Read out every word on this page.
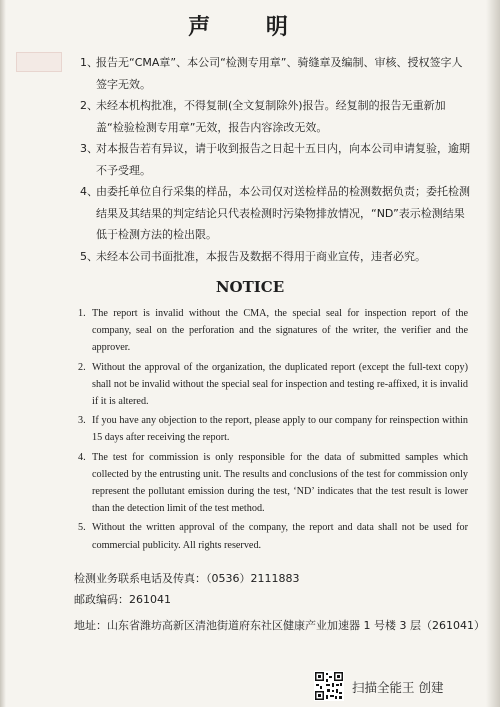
声 明
1、
报告无“CMA章”、本公司“检测专用章”、骑缝章及编制、审核、授权签字人签字无效。
2、
未经本机构批准，不得复制(全文复制除外)报告。经复制的报告无重新加盖“检验检测专用章”无效，报告内容涂改无效。
3、
对本报告若有异议，请于收到报告之日起十五日内，向本公司申请复验，逾期不予受理。
4、
由委托单位自行采集的样品，本公司仅对送检样品的检测数据负责；委托检测结果及其结果的判定结论只代表检测时污染物排放情况，“ND”表示检测结果低于检测方法的检出限。
5、
未经本公司书面批准，本报告及数据不得用于商业宣传，违者必究。
NOTICE
1. The report is invalid without the CMA, the special seal for inspection report of the company, seal on the perforation and the signatures of the writer, the verifier and the approver.
2. Without the approval of the organization, the duplicated report (except the full-text copy) shall not be invalid without the special seal for inspection and testing re-affixed, it is invalid if it is altered.
3. If you have any objection to the report, please apply to our company for reinspection within 15 days after receiving the report.
4. The test for commission is only responsible for the data of submitted samples which collected by the entrusting unit. The results and conclusions of the test for commission only represent the pollutant emission during the test, ‘ND’ indicates that the test result is lower than the detection limit of the test method.
5. Without the written approval of the company, the report and data shall not be used for commercial publicity. All rights reserved.
检测业务联系电话及传真：（0536）2111883
邮政编码：261041
地址：山东省潍坊高新区清池街道府东社区健康产业加速器 1 号楼 3 层（261041）
扫描全能王 创建
